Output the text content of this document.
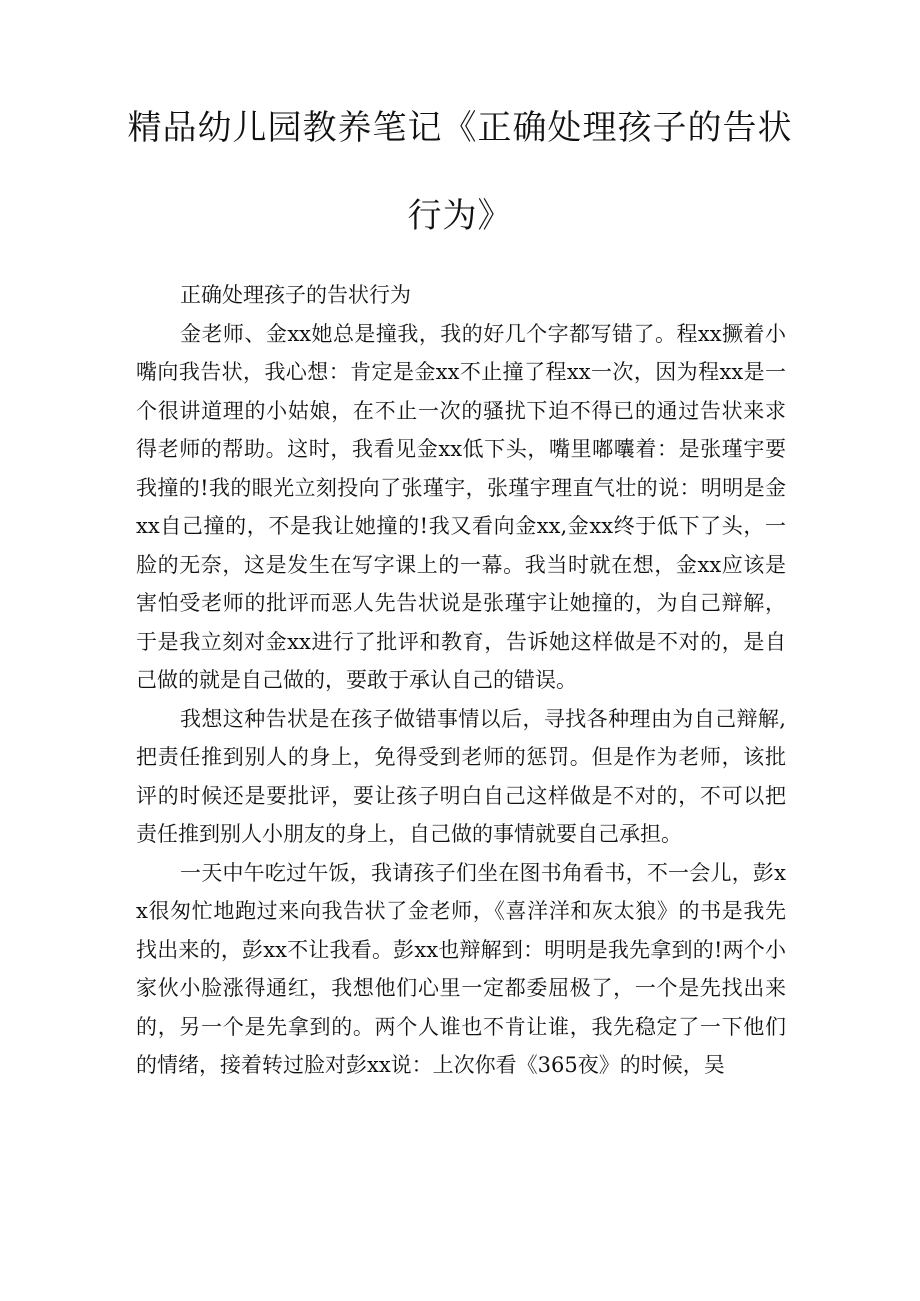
精品幼儿园教养笔记《正确处理孩子的告状
行为》

正确处理孩子的告状行为

金老师、金xx她总是撞我，我的好几个字都写错了。程xx撅着小嘴向我告状，我心想：肯定是金xx不止撞了程xx一次，因为程xx是一个很讲道理的小姑娘，在不止一次的骚扰下迫不得已的通过告状来求得老师的帮助。这时，我看见金xx低下头，嘴里嘟囔着：是张瑾宇要我撞的!我的眼光立刻投向了张瑾宇，张瑾宇理直气壮的说：明明是金xx自己撞的，不是我让她撞的!我又看向金xx,金xx终于低下了头，一脸的无奈，这是发生在写字课上的一幕。我当时就在想，金xx应该是害怕受老师的批评而恶人先告状说是张瑾宇让她撞的，为自己辩解，于是我立刻对金xx进行了批评和教育，告诉她这样做是不对的，是自己做的就是自己做的，要敢于承认自己的错误。

我想这种告状是在孩子做错事情以后，寻找各种理由为自己辩解,把责任推到别人的身上，免得受到老师的惩罚。但是作为老师，该批评的时候还是要批评，要让孩子明白自己这样做是不对的，不可以把责任推到别人小朋友的身上，自己做的事情就要自己承担。

一天中午吃过午饭，我请孩子们坐在图书角看书，不一会儿，彭xx很匆忙地跑过来向我告状了金老师，《喜洋洋和灰太狼》的书是我先找出来的，彭xx不让我看。彭xx也辩解到：明明是我先拿到的!两个小家伙小脸涨得通红，我想他们心里一定都委屈极了，一个是先找出来的，另一个是先拿到的。两个人谁也不肯让谁，我先稳定了一下他们的情绪，接着转过脸对彭xx说：上次你看《365夜》的时候，吴
